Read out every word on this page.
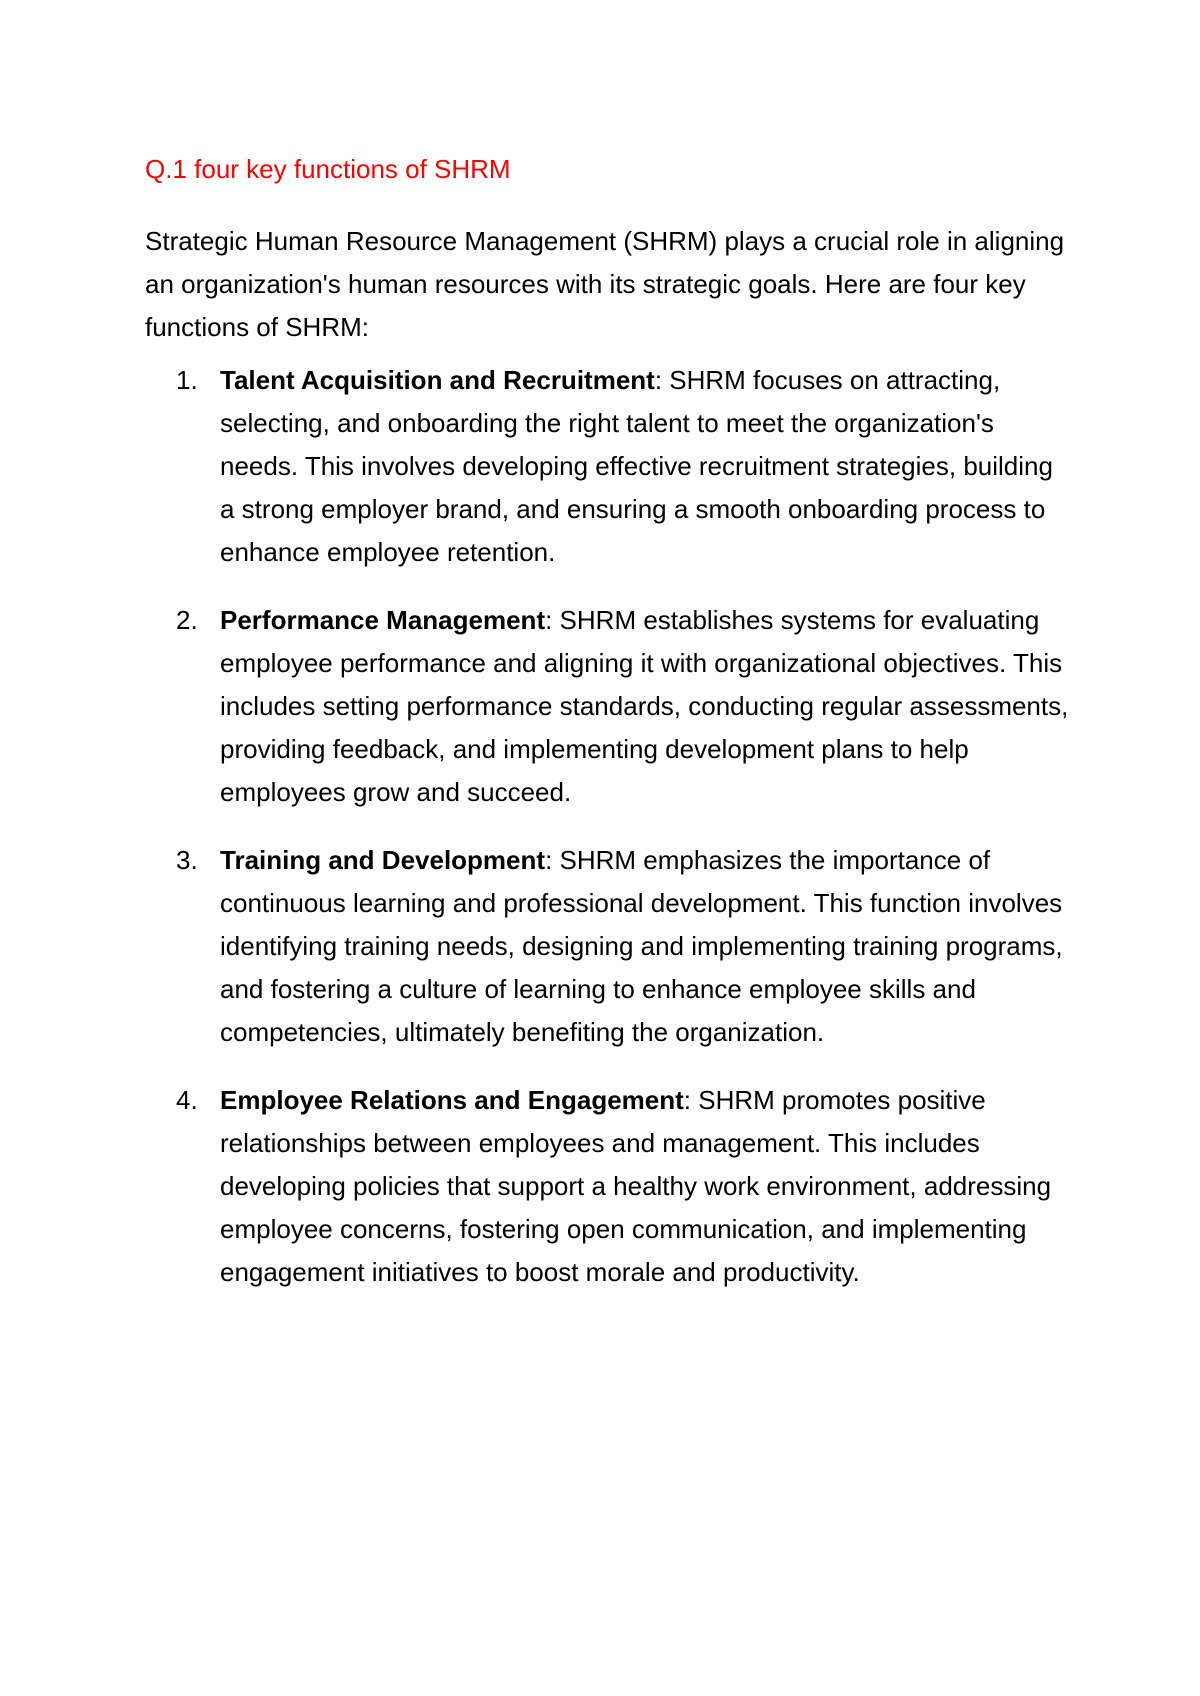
Q.1 four key functions of SHRM

Strategic Human Resource Management (SHRM) plays a crucial role in aligning an organization's human resources with its strategic goals. Here are four key functions of SHRM:

1. Talent Acquisition and Recruitment: SHRM focuses on attracting, selecting, and onboarding the right talent to meet the organization's needs. This involves developing effective recruitment strategies, building a strong employer brand, and ensuring a smooth onboarding process to enhance employee retention.
2. Performance Management: SHRM establishes systems for evaluating employee performance and aligning it with organizational objectives. This includes setting performance standards, conducting regular assessments, providing feedback, and implementing development plans to help employees grow and succeed.
3. Training and Development: SHRM emphasizes the importance of continuous learning and professional development. This function involves identifying training needs, designing and implementing training programs, and fostering a culture of learning to enhance employee skills and competencies, ultimately benefiting the organization.
4. Employee Relations and Engagement: SHRM promotes positive relationships between employees and management. This includes developing policies that support a healthy work environment, addressing employee concerns, fostering open communication, and implementing engagement initiatives to boost morale and productivity.
